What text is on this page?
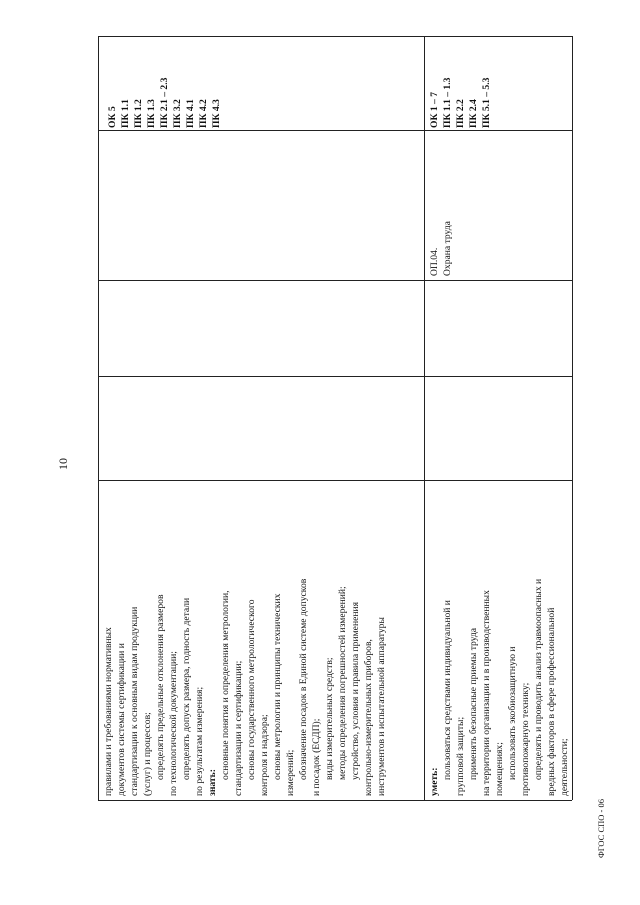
10
ФГОС СПО - 06
ОК 5 ПК 1.1 ПК 1.2 ПК 1.3 ПК 2.1 – 2.3 ПК 3.2 ПК 4.1 ПК 4.2 ПК 4.3
правилами и требованиями нормативных документов системы сертификации и стандартизации к основным видам продукции (услуг) и процессов; определять предельные отклонения размеров по технологической документации; определять допуск размера, годность детали по результатам измерения; знать:
основные понятия и определения метрологии, стандартизации и сертификации; основы государственного метрологического контроля и надзора; основы метрологии и принципы технических измерений; обозначение посадок в Единой системе допусков и посадок (ЕСДП); виды измерительных средств; методы определения погрешностей измерений; устройство, условия и правила применения контрольно-измерительных приборов, инструментов и испытательной аппаратуры
ОК 1 – 7 ПК 1.1 – 1.3 ПК 2.2 ПК 2.4 ПК 5.1 – 5.3
ОП.04. Охрана труда
уметь:
пользоваться средствами индивидуальной и групповой защиты; применять безопасные приемы труда на территории организации и в производственных помещениях; использовать экобиозащитную и противопожарную технику; определять и проводить анализ травмоопасных и вредных факторов в сфере профессиональной деятельности;
